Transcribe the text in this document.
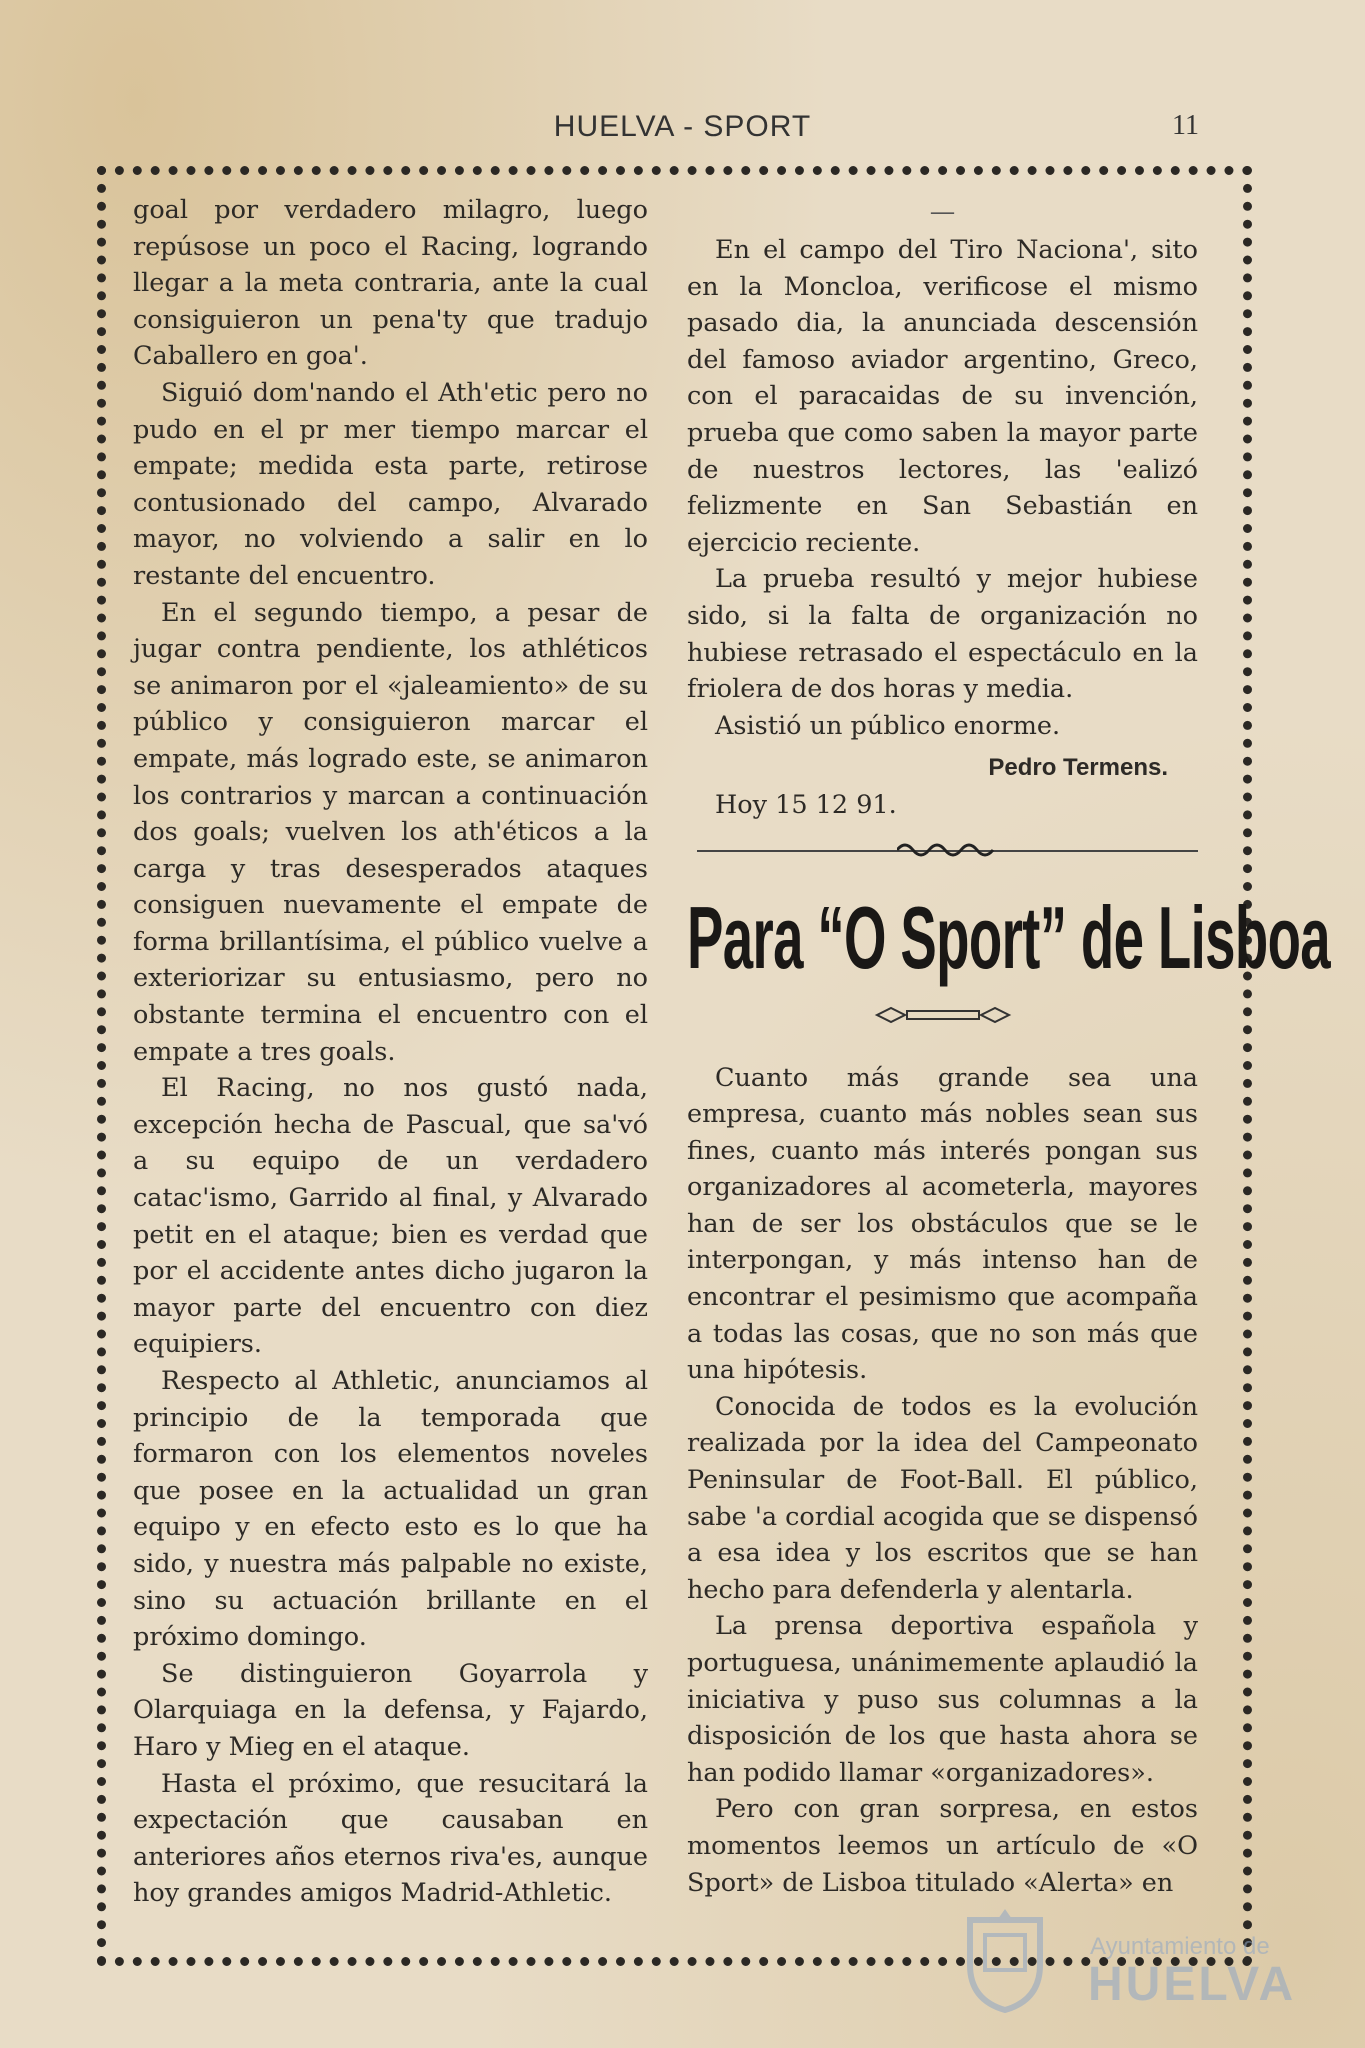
HUELVA - SPORT	11

goal por verdadero milagro, luego repúsose un poco el Racing, logrando llegar a la meta contraria, ante la cual consiguieron un pena'ty que tradujo Caballero en goa'.

Siguió dom'nando el Ath'etic pero no pudo en el pr mer tiempo marcar el empate; medida esta parte, retirose contusionado del campo, Alvarado mayor, no volviendo a salir en lo restante del encuentro.

En el segundo tiempo, a pesar de jugar contra pendiente, los athléticos se animaron por el «jaleamiento» de su público y consiguieron marcar el empate, más logrado este, se animaron los contrarios y marcan a continuación dos goals; vuelven los ath'éticos a la carga y tras desesperados ataques consiguen nuevamente el empate de forma brillantísima, el público vuelve a exteriorizar su entusiasmo, pero no obstante termina el encuentro con el empate a tres goals.

El Racing, no nos gustó nada, excepción hecha de Pascual, que sa'vó a su equipo de un verdadero catac'ismo, Garrido al final, y Alvarado petit en el ataque; bien es verdad que por el accidente antes dicho jugaron la mayor parte del encuentro con diez equipiers.

Respecto al Athletic, anunciamos al principio de la temporada que formaron con los elementos noveles que posee en la actualidad un gran equipo y en efecto esto es lo que ha sido, y nuestra más palpable no existe, sino su actuación brillante en el próximo domingo.

Se distinguieron Goyarrola y Olarquiaga en la defensa, y Fajardo, Haro y Mieg en el ataque.

Hasta el próximo, que resucitará la expectación que causaban en anteriores años eternos riva'es, aunque hoy grandes amigos Madrid-Athletic.

—

En el campo del Tiro Naciona', sito en la Moncloa, verificose el mismo pasado dia, la anunciada descensión del famoso aviador argentino, Greco, con el paracaidas de su invención, prueba que como saben la mayor parte de nuestros lectores, las 'ealizó felizmente en San Sebastián en ejercicio reciente.

La prueba resultó y mejor hubiese sido, si la falta de organización no hubiese retrasado el espectáculo en la friolera de dos horas y media.

Asistió un público enorme.

Pedro Termens.

Hoy 15 12 91.

Para “O Sport” de Lisboa

Cuanto más grande sea una empresa, cuanto más nobles sean sus fines, cuanto más interés pongan sus organizadores al acometerla, mayores han de ser los obstáculos que se le interpongan, y más intenso han de encontrar el pesimismo que acompaña a todas las cosas, que no son más que una hipótesis.

Conocida de todos es la evolución realizada por la idea del Campeonato Peninsular de Foot-Ball. El público, sabe 'a cordial acogida que se dispensó a esa idea y los escritos que se han hecho para defenderla y alentarla.

La prensa deportiva española y portuguesa, unánimemente aplaudió la iniciativa y puso sus columnas a la disposición de los que hasta ahora se han podido llamar «organizadores».

Pero con gran sorpresa, en estos momentos leemos un artículo de «O Sport» de Lisboa titulado «Alerta» en

Ayuntamiento de
HUELVA
